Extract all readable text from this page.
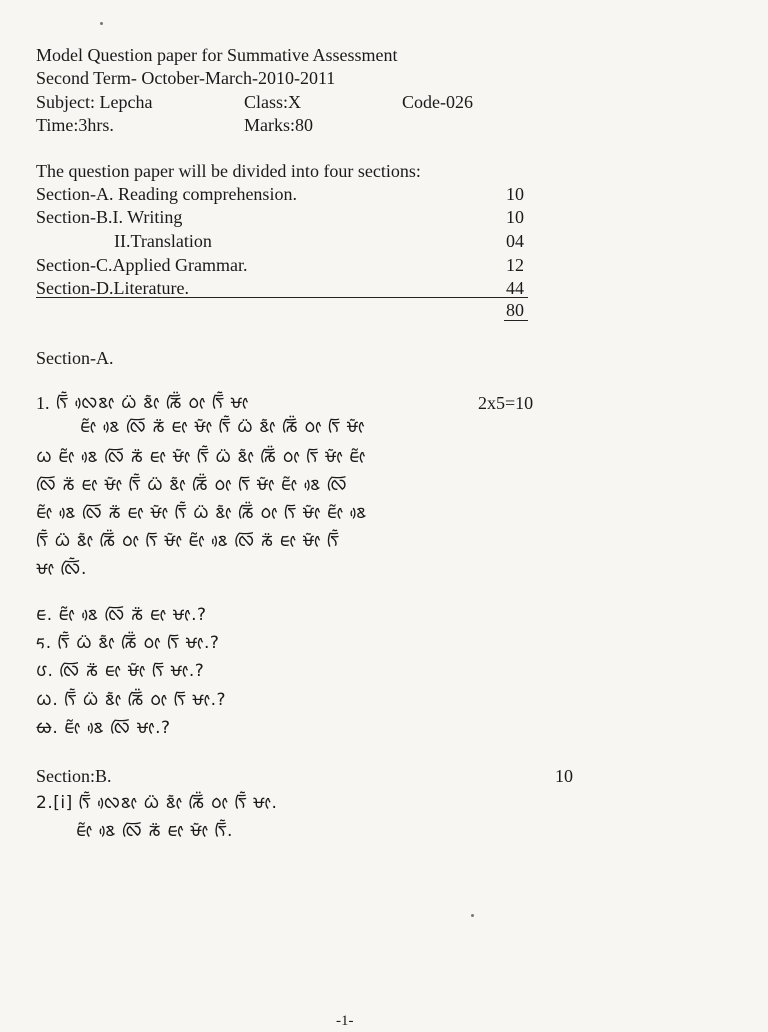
Model Question paper for Summative Assessment
Second Term- October-March-2010-2011
Subject: Lepcha	Class:X	Code-026
Time:3hrs.	Marks:80
The question paper will be divided into four sections:
Section-A. Reading comprehension.	10
Section-B.I. Writing	10
II.Translation	04
Section-C.Applied Grammar.	12
Section-D.Literature.	44
80
Section-A.
1. ᰛᰩᰶ ᰜᰴᰣᰦ ᰃᰮ ᰣᰦᰶ ᰕᰩᰮ ᰓᰦ ᰛᰩᰶ ᰝᰦ	2x5=10
ᰀᰦᰲ ᰣᰴ ᰜᰩ ᰕᰮ ᰀᰦ ᰝᰦᰶ ᰛᰩᰶ ᰃᰮ ᰣᰦᰶ ᰕᰩᰮ ᰓᰦ ᰛᰩ ᰝᰦᰶ
ᰃ ᰀᰦᰲ ᰣᰴ ᰜᰩ ᰕᰮ ᰀᰦ ᰝᰦᰶ ᰛᰩᰶ ᰃᰮ ᰣᰦᰶ ᰕᰩᰮ ᰓᰦ ᰛᰩ ᰝᰦᰶ ᰀᰦᰲ
ᰜᰩ ᰕᰮ ᰀᰦ ᰝᰦᰶ ᰛᰩᰶ ᰃᰮ ᰣᰦᰶ ᰕᰩᰮ ᰓᰦ ᰛᰩ ᰝᰦᰶ ᰀᰦᰲ ᰣᰴ ᰜᰩ
ᰀᰦᰲ ᰣᰴ ᰜᰩ ᰕᰮ ᰀᰦ ᰝᰦᰶ ᰛᰩᰶ ᰃᰮ ᰣᰦᰶ ᰕᰩᰮ ᰓᰦ ᰛᰩ ᰝᰦᰶ ᰀᰦᰲ ᰣᰴ
ᰛᰩᰶ ᰃᰮ ᰣᰦᰶ ᰕᰩᰮ ᰓᰦ ᰛᰩ ᰝᰦᰶ ᰀᰦᰲ ᰣᰴ ᰜᰩ ᰕᰮ ᰀᰦ ᰝᰦᰶ ᰛᰩᰶ
ᰝᰦ ᰜᰩᰶ.
ᰀ. ᰀᰦᰲ ᰣᰴ ᰜᰩ ᰕᰮ ᰀᰦ ᰝᰦ.?
ᰁ. ᰛᰩᰶ ᰃᰮ ᰣᰦᰶ ᰕᰩᰮ ᰓᰦ ᰛᰩ ᰝᰦ.?
ᰂ. ᰜᰩ ᰕᰮ ᰀᰦ ᰝᰦᰶ ᰛᰩ ᰝᰦ.?
ᰃ. ᰛᰩᰶ ᰃᰮ ᰣᰦᰶ ᰕᰩᰮ ᰓᰦ ᰛᰩ ᰝᰦ.?
ᰄ. ᰀᰦᰲ ᰣᰴ ᰜᰩ ᰝᰦ.?
Section:B.	10
2.[i] ᰛᰩᰶ ᰜᰴᰣᰦ ᰃᰮ ᰣᰦᰶ ᰕᰩᰮ ᰓᰦ ᰛᰩᰶ ᰝᰦ.
ᰀᰦᰲ ᰣᰴ ᰜᰩ ᰕᰮ ᰀᰦ ᰝᰦᰶ ᰛᰩᰶ.
-1-
